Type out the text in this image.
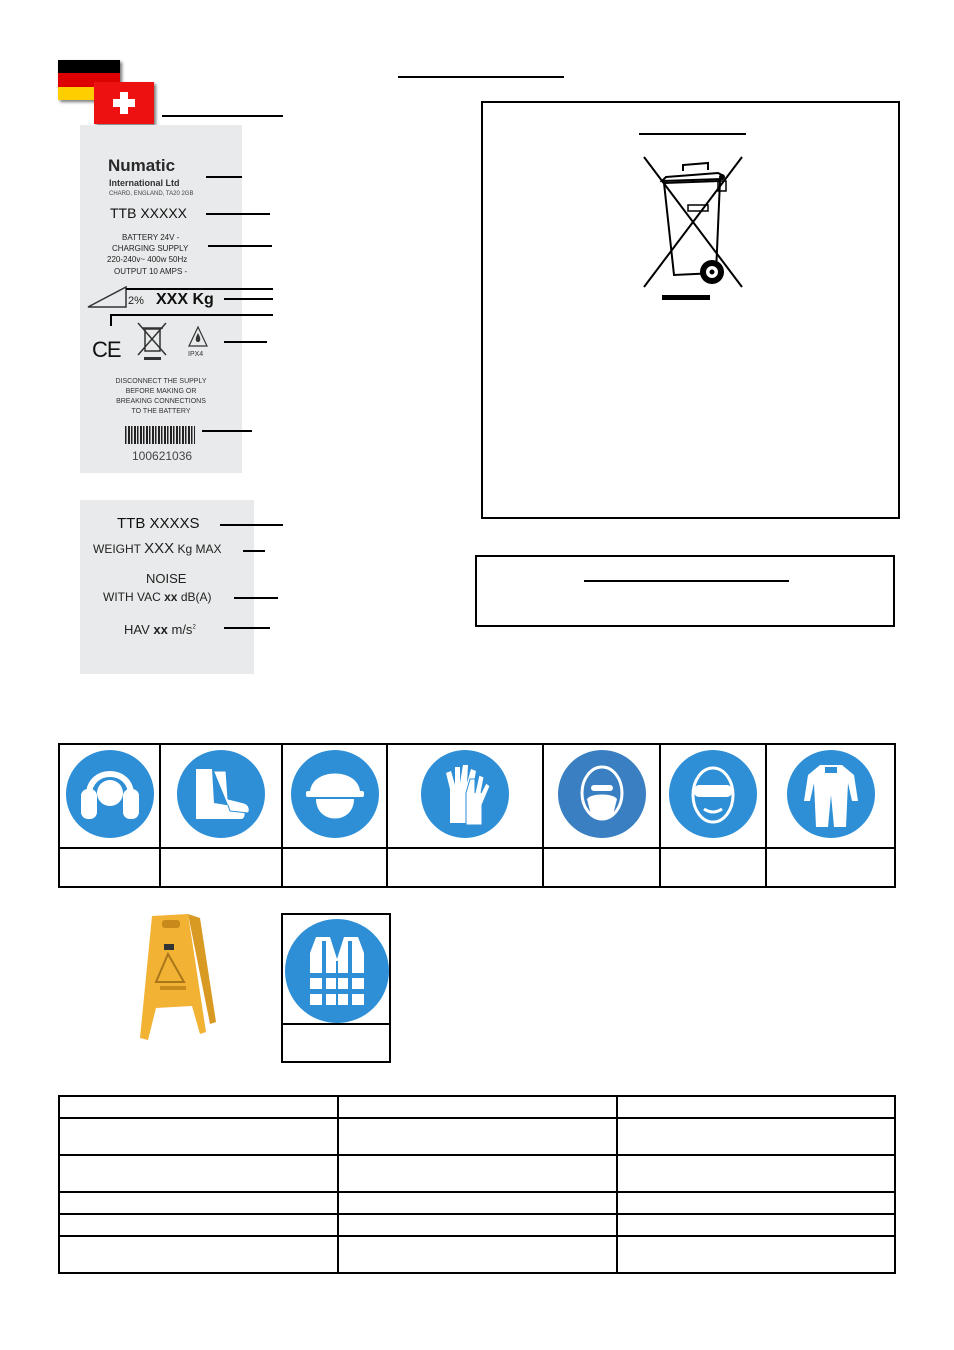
Numatic
International Ltd
CHARD, ENGLAND, TA20 2GB
TTB XXXXX
BATTERY 24V -
CHARGING SUPPLY
220-240v~ 400w 50Hz
OUTPUT 10 AMPS -
2% XXX Kg
CE	IPX4
DISCONNECT THE SUPPLY
BEFORE MAKING OR
BREAKING CONNECTIONS
TO THE BATTERY
100621036
TTB XXXXS
WEIGHT XXX Kg MAX
NOISE
WITH VAC xx dB(A)
HAV xx $m/s^2$
